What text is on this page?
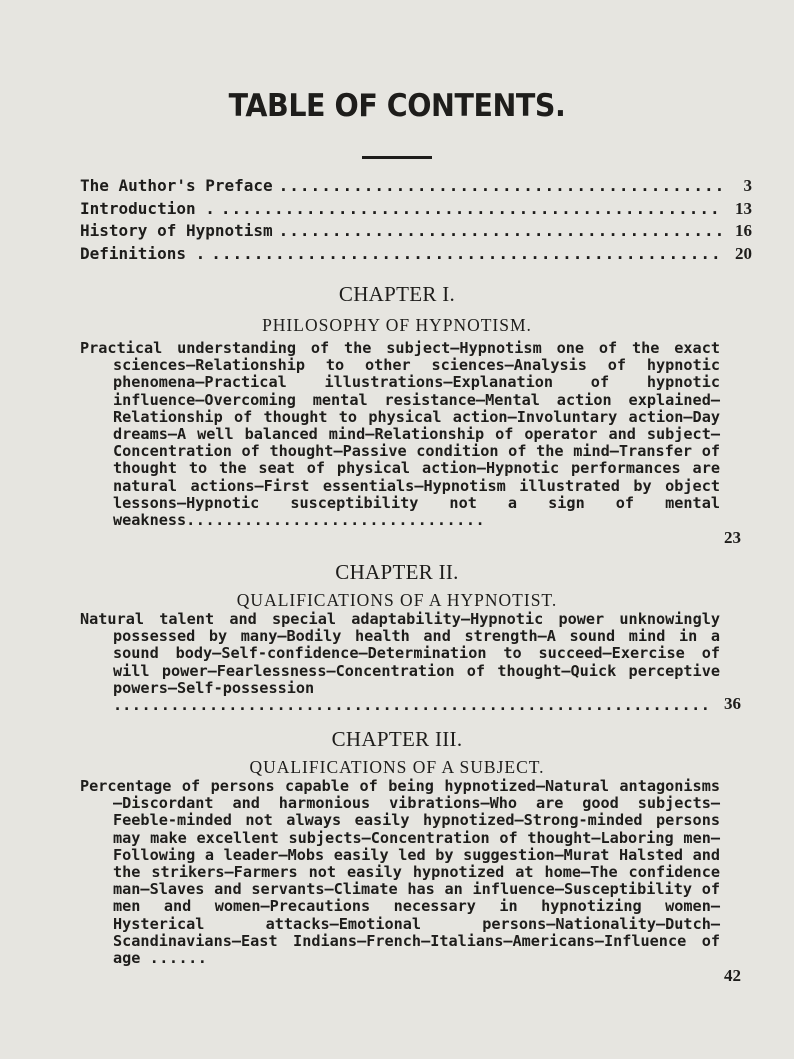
TABLE OF CONTENTS.
The Author's Preface .....	3
Introduction . .....	13
History of Hypnotism .....	16
Definitions . .....	20
CHAPTER I.
PHILOSOPHY OF HYPNOTISM.
Practical understanding of the subject—Hypnotism one of the exact sciences—Relationship to other sciences—Analysis of hypnotic phenomena—Practical illustrations—Explanation of hypnotic influence—Overcoming mental resistance—Mental action explained—Relationship of thought to physical action—Involuntary action—Day dreams—A well balanced mind—Relationship of operator and subject—Concentration of thought—Passive condition of the mind—Transfer of thought to the seat of physical action—Hypnotic performances are natural actions—First essentials—Hypnotism illustrated by object lessons—Hypnotic susceptibility not a sign of mental weakness...............................
23
CHAPTER II.
QUALIFICATIONS OF A HYPNOTIST.
Natural talent and special adaptability—Hypnotic power unknowingly possessed by many—Bodily health and strength—A sound mind in a sound body—Self-confidence—Determination to succeed—Exercise of will power—Fearlessness—Concentration of thought—Quick perceptive powers—Self-possession .............................................................. 36
CHAPTER III.
QUALIFICATIONS OF A SUBJECT.
Percentage of persons capable of being hypnotized—Natural antagonisms—Discordant and harmonious vibrations—Who are good subjects—Feeble-minded not always easily hypnotized—Strong-minded persons may make excellent subjects—Concentration of thought—Laboring men—Following a leader—Mobs easily led by suggestion—Murat Halsted and the strikers—Farmers not easily hypnotized at home—The confidence man—Slaves and servants—Climate has an influence—Susceptibility of men and women—Precautions necessary in hypnotizing women—Hysterical attacks—Emotional persons—Nationality—Dutch—Scandinavians—East Indians—French—Italians—Americans—Influence of age ......
42
